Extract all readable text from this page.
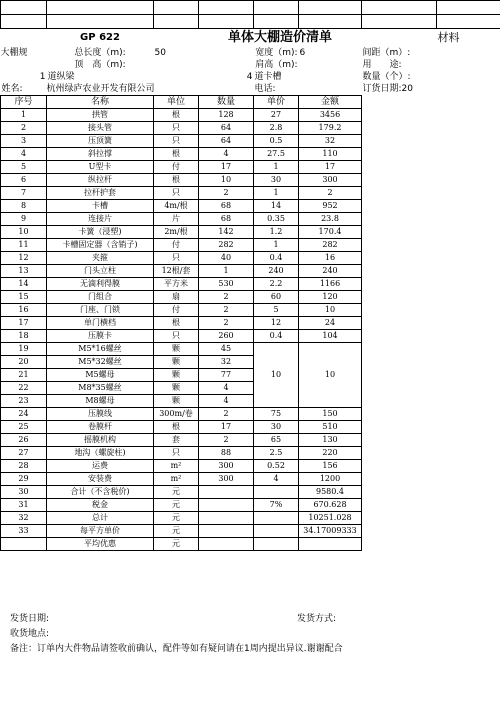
	GP 622		单体大棚造价清单				材料
大棚规	总长度（m):	50		宽度（m):	6	间距（m）:	
	顶　高（m):			肩高（m):		用　　途:	
1	道纵梁		4	道卡槽		数量（个）:	
姓名:	杭州绿庐农业开发有限公司			电话:		订货日期:20	
序号	名称	单位	数量	单价	金额		
1	拱管	根	128	27	3456		
2	接头管	只	64	2.8	179.2		
3	压顶簧	只	64	0.5	32		
4	斜拉撑	根	4	27.5	110		
5	U型卡	付	17	1	17		
6	纵拉杆	根	10	30	300		
7	拉杆护套	只	2	1	2		
8	卡槽	4m/根	68	14	952		
9	连接片	片	68	0.35	23.8		
10	卡簧（浸塑)	2m/根	142	1.2	170.4		
11	卡槽固定器（含销子)	付	282	1	282		
12	夹箍	只	40	0.4	16		
13	门头立柱	12根/套	1	240	240		
14	无滴利得膜	平方米	530	2.2	1166		
15	门组合	扇	2	60	120		
16	门座、门锁	付	2	5	10		
17	单门横档	根	2	12	24		
18	压膜卡	只	260	0.4	104		
19	M5*16螺丝	颗	45	10	10		
20	M5*32螺丝	颗	32				
21	M5螺母	颗	77				
22	M8*35螺丝	颗	4				
23	M8螺母	颗	4				
24	压膜线	300m/卷	2	75	150		
25	卷膜杆	根	17	30	510		
26	摇膜机构	套	2	65	130		
27	地沟（螺旋柱)	只	88	2.5	220		
28	运费	m²	300	0.52	156		
29	安装费	m²	300	4	1200		
30	合计（不含税价)	元			9580.4		
31	税金	元		7%	670.628		
32	总计	元			10251.028		
33	每平方单价	元			34.17009333		
	平均优惠	元					
发货日期:	发货方式:
收货地点:
备注：订单内大件物品请签收前确认，配件等如有疑问请在1周内提出异议.谢谢配合
